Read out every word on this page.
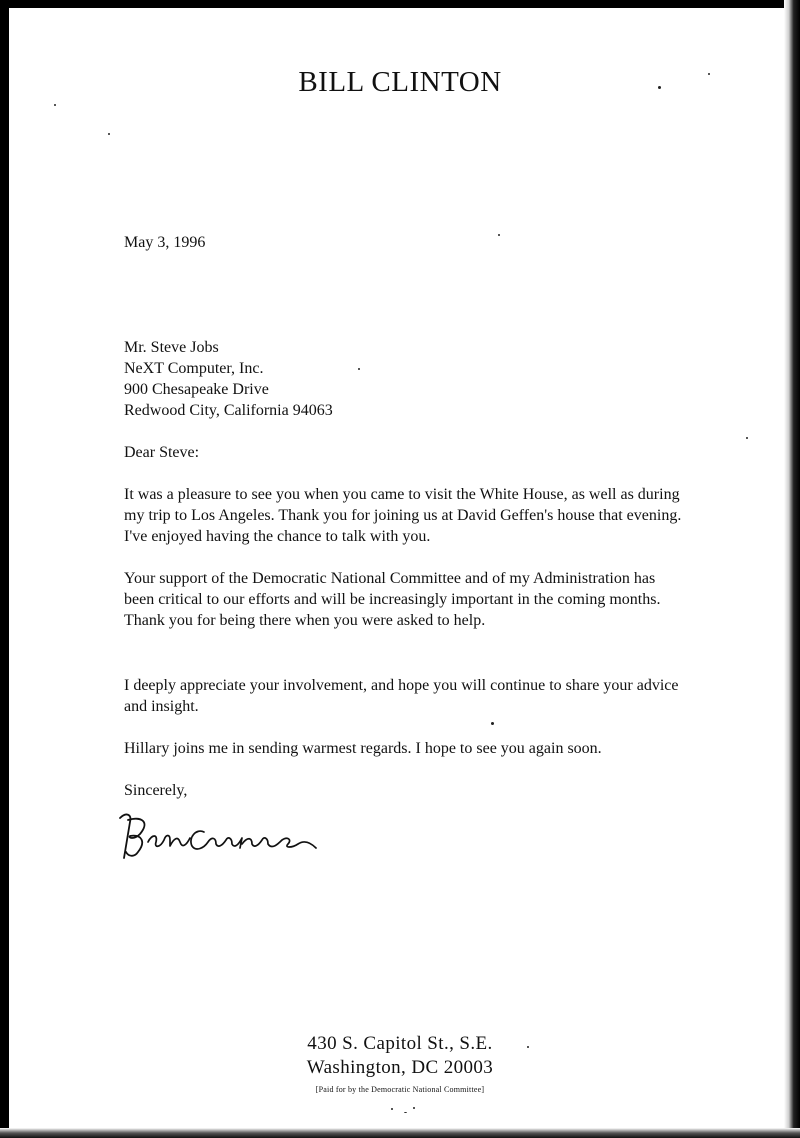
BILL CLINTON
May 3, 1996
Mr. Steve Jobs
NeXT Computer, Inc.
900 Chesapeake Drive
Redwood City, California 94063
Dear Steve:
It was a pleasure to see you when you came to visit the White House, as well as during my trip to Los Angeles. Thank you for joining us at David Geffen's house that evening. I've enjoyed having the chance to talk with you.
Your support of the Democratic National Committee and of my Administration has been critical to our efforts and will be increasingly important in the coming months. Thank you for being there when you were asked to help.
I deeply appreciate your involvement, and hope you will continue to share your advice and insight.
Hillary joins me in sending warmest regards. I hope to see you again soon.
Sincerely,
430 S. Capitol St., S.E.
Washington, DC 20003
[Paid for by the Democratic National Committee]
